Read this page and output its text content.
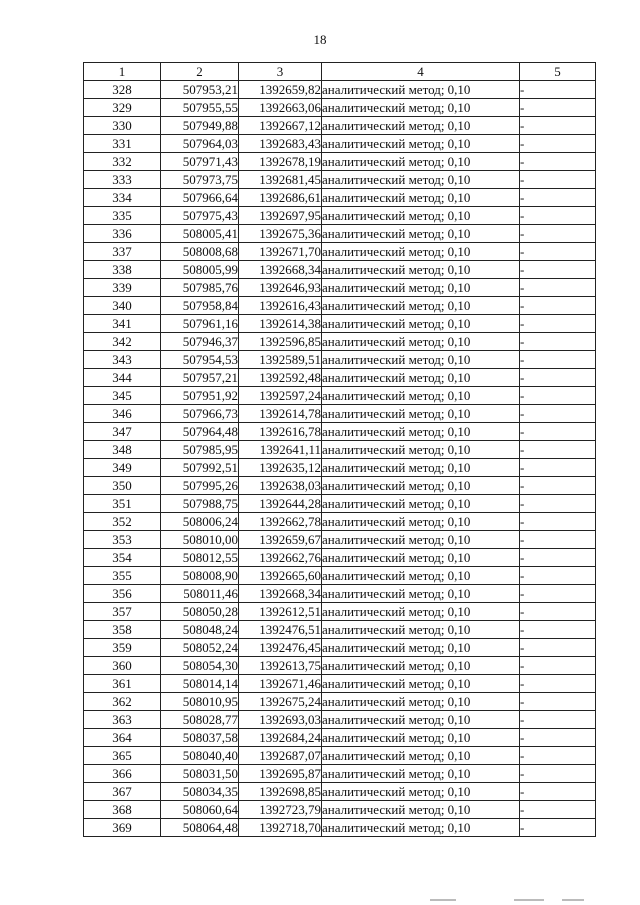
18
1	2	3	4	5
328	507953,21	1392659,82	аналитический метод; 0,10	-
329	507955,55	1392663,06	аналитический метод; 0,10	-
330	507949,88	1392667,12	аналитический метод; 0,10	-
331	507964,03	1392683,43	аналитический метод; 0,10	-
332	507971,43	1392678,19	аналитический метод; 0,10	-
333	507973,75	1392681,45	аналитический метод; 0,10	-
334	507966,64	1392686,61	аналитический метод; 0,10	-
335	507975,43	1392697,95	аналитический метод; 0,10	-
336	508005,41	1392675,36	аналитический метод; 0,10	-
337	508008,68	1392671,70	аналитический метод; 0,10	-
338	508005,99	1392668,34	аналитический метод; 0,10	-
339	507985,76	1392646,93	аналитический метод; 0,10	-
340	507958,84	1392616,43	аналитический метод; 0,10	-
341	507961,16	1392614,38	аналитический метод; 0,10	-
342	507946,37	1392596,85	аналитический метод; 0,10	-
343	507954,53	1392589,51	аналитический метод; 0,10	-
344	507957,21	1392592,48	аналитический метод; 0,10	-
345	507951,92	1392597,24	аналитический метод; 0,10	-
346	507966,73	1392614,78	аналитический метод; 0,10	-
347	507964,48	1392616,78	аналитический метод; 0,10	-
348	507985,95	1392641,11	аналитический метод; 0,10	-
349	507992,51	1392635,12	аналитический метод; 0,10	-
350	507995,26	1392638,03	аналитический метод; 0,10	-
351	507988,75	1392644,28	аналитический метод; 0,10	-
352	508006,24	1392662,78	аналитический метод; 0,10	-
353	508010,00	1392659,67	аналитический метод; 0,10	-
354	508012,55	1392662,76	аналитический метод; 0,10	-
355	508008,90	1392665,60	аналитический метод; 0,10	-
356	508011,46	1392668,34	аналитический метод; 0,10	-
357	508050,28	1392612,51	аналитический метод; 0,10	-
358	508048,24	1392476,51	аналитический метод; 0,10	-
359	508052,24	1392476,45	аналитический метод; 0,10	-
360	508054,30	1392613,75	аналитический метод; 0,10	-
361	508014,14	1392671,46	аналитический метод; 0,10	-
362	508010,95	1392675,24	аналитический метод; 0,10	-
363	508028,77	1392693,03	аналитический метод; 0,10	-
364	508037,58	1392684,24	аналитический метод; 0,10	-
365	508040,40	1392687,07	аналитический метод; 0,10	-
366	508031,50	1392695,87	аналитический метод; 0,10	-
367	508034,35	1392698,85	аналитический метод; 0,10	-
368	508060,64	1392723,79	аналитический метод; 0,10	-
369	508064,48	1392718,70	аналитический метод; 0,10	-
